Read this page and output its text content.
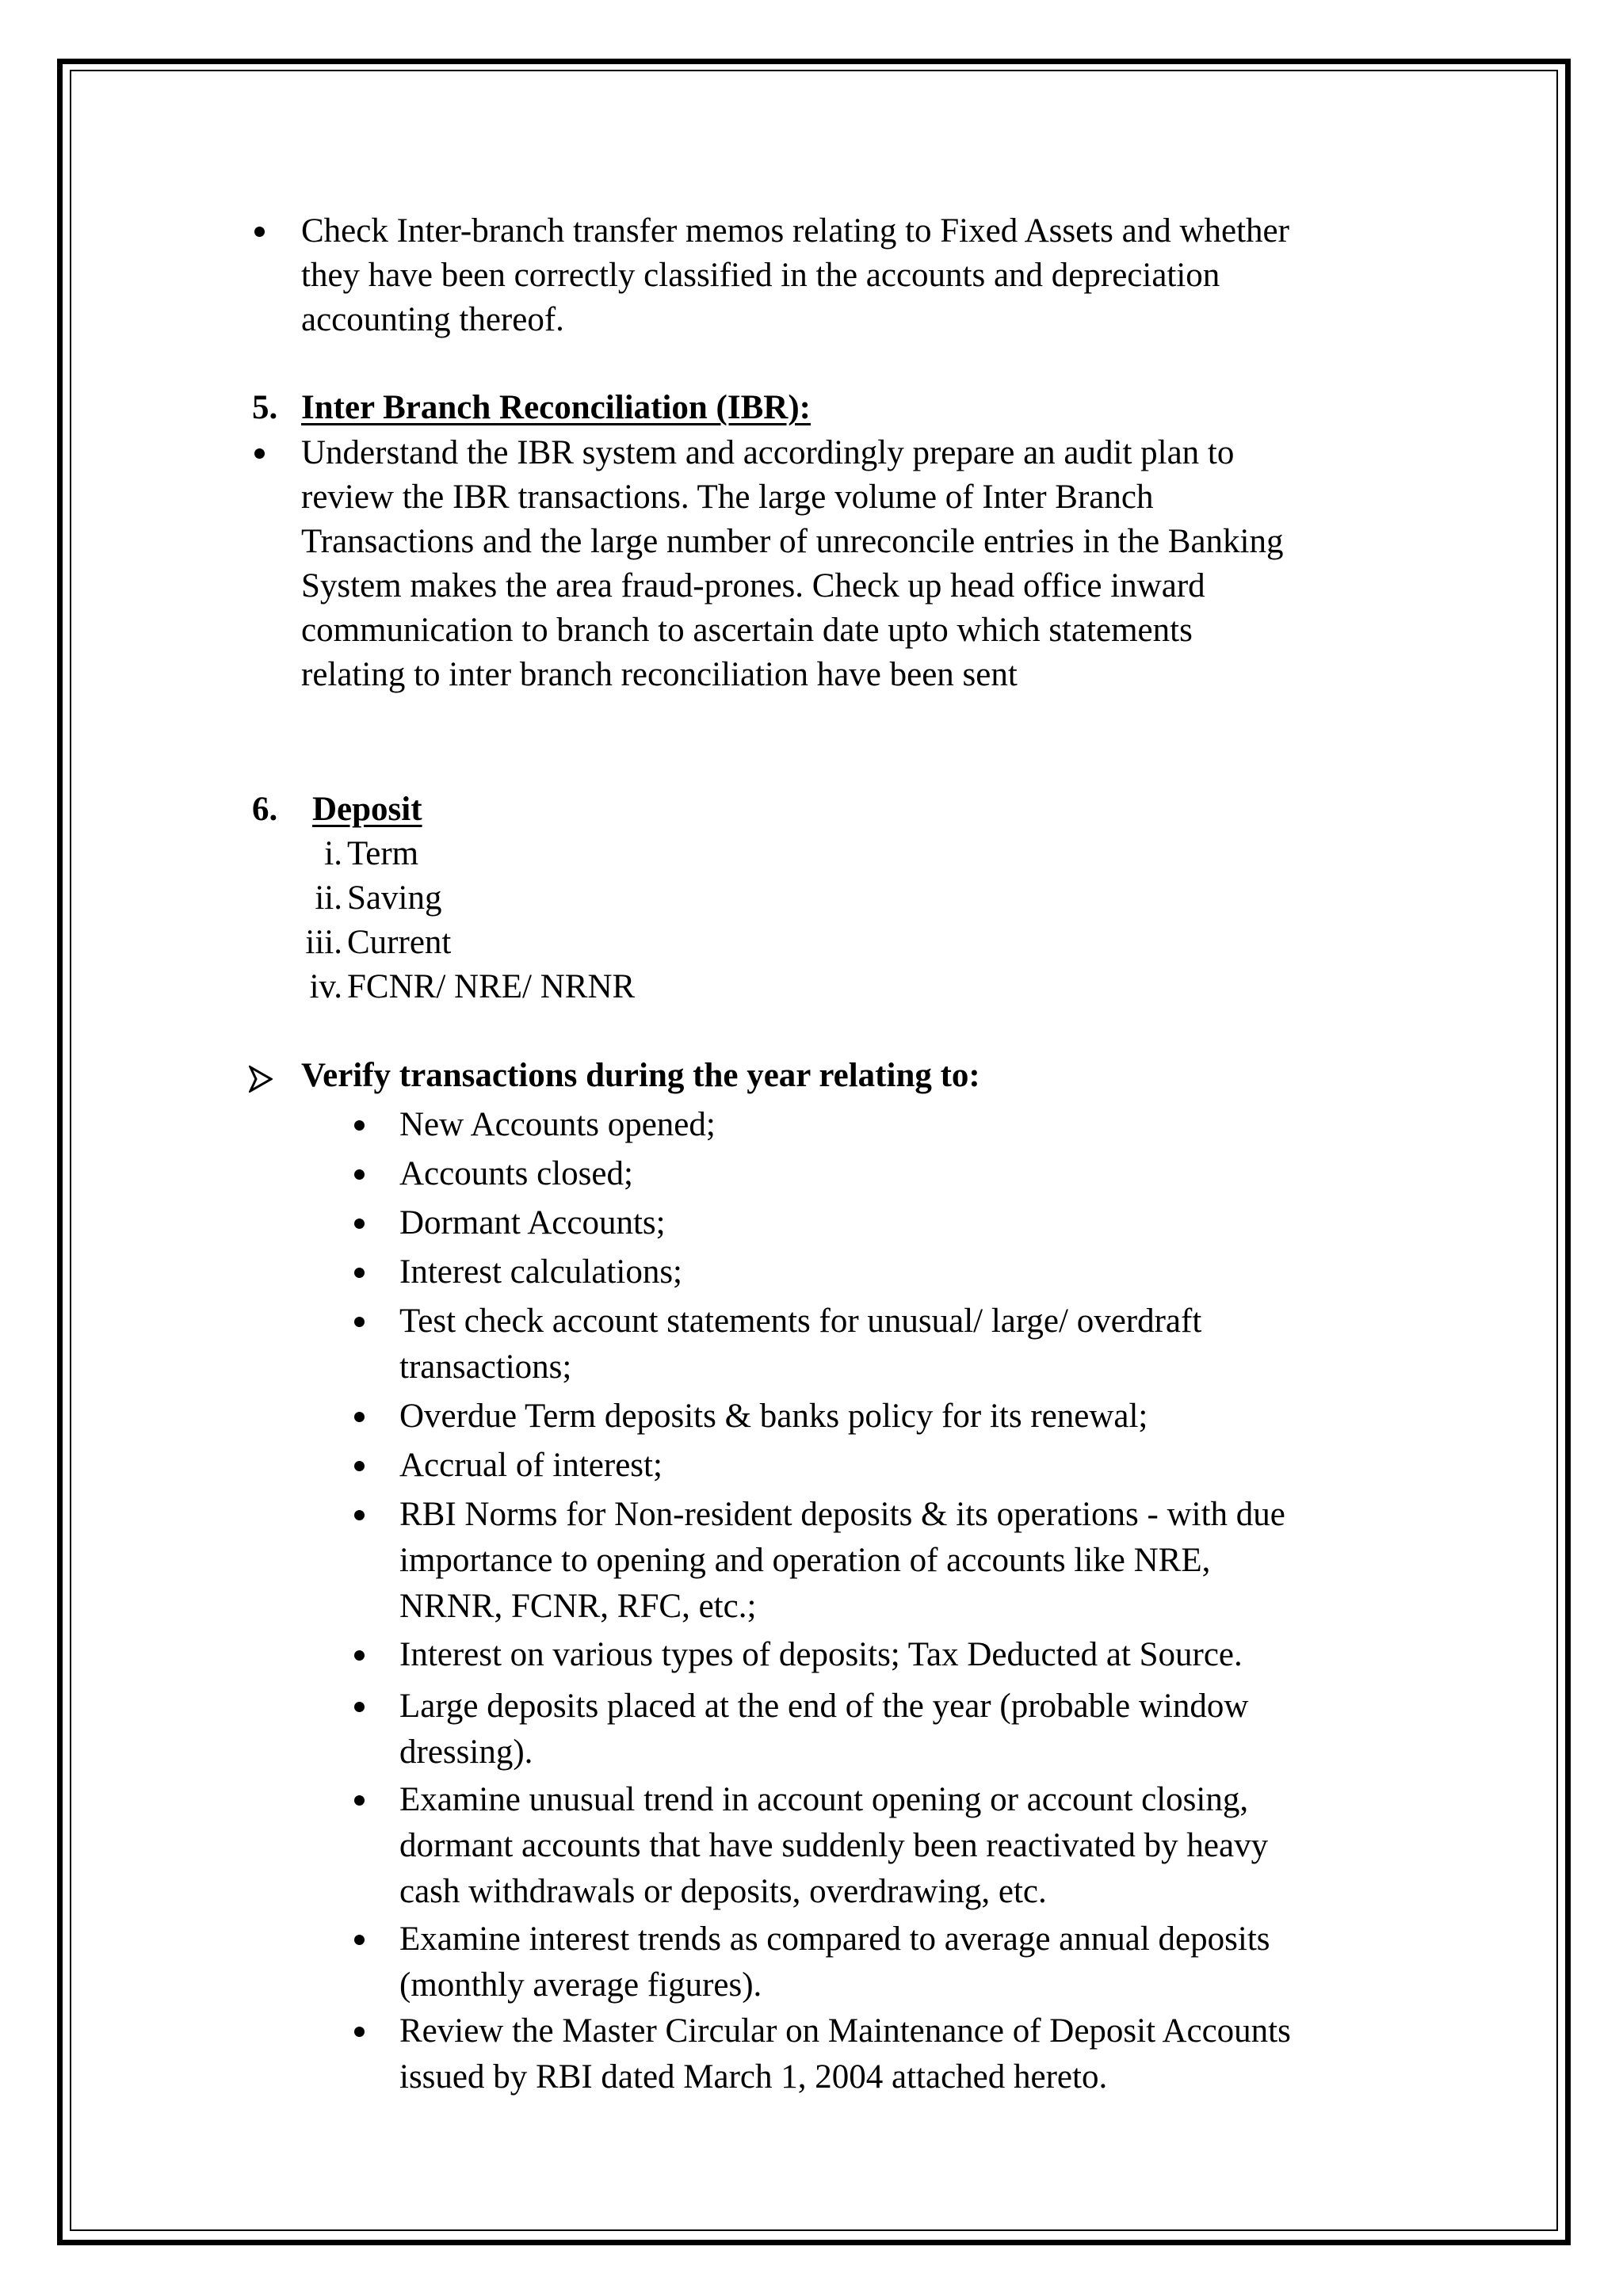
Check Inter-branch transfer memos relating to Fixed Assets and whether
they have been correctly classified in the accounts and depreciation
accounting thereof.
5. Inter Branch Reconciliation (IBR):
Understand the IBR system and accordingly prepare an audit plan to
review the IBR transactions. The large volume of Inter Branch
Transactions and the large number of unreconcile entries in the Banking
System makes the area fraud-prones. Check up head office inward
communication to branch to ascertain date upto which statements
relating to inter branch reconciliation have been sent
6. Deposit
i. Term
ii. Saving
iii. Current
iv. FCNR/ NRE/ NRNR
Verify transactions during the year relating to:
New Accounts opened;
Accounts closed;
Dormant Accounts;
Interest calculations;
Test check account statements for unusual/ large/ overdraft
transactions;
Overdue Term deposits & banks policy for its renewal;
Accrual of interest;
RBI Norms for Non-resident deposits & its operations - with due
importance to opening and operation of accounts like NRE,
NRNR, FCNR, RFC, etc.;
Interest on various types of deposits; Tax Deducted at Source.
Large deposits placed at the end of the year (probable window
dressing).
Examine unusual trend in account opening or account closing,
dormant accounts that have suddenly been reactivated by heavy
cash withdrawals or deposits, overdrawing, etc.
Examine interest trends as compared to average annual deposits
(monthly average figures).
Review the Master Circular on Maintenance of Deposit Accounts
issued by RBI dated March 1, 2004 attached hereto.
